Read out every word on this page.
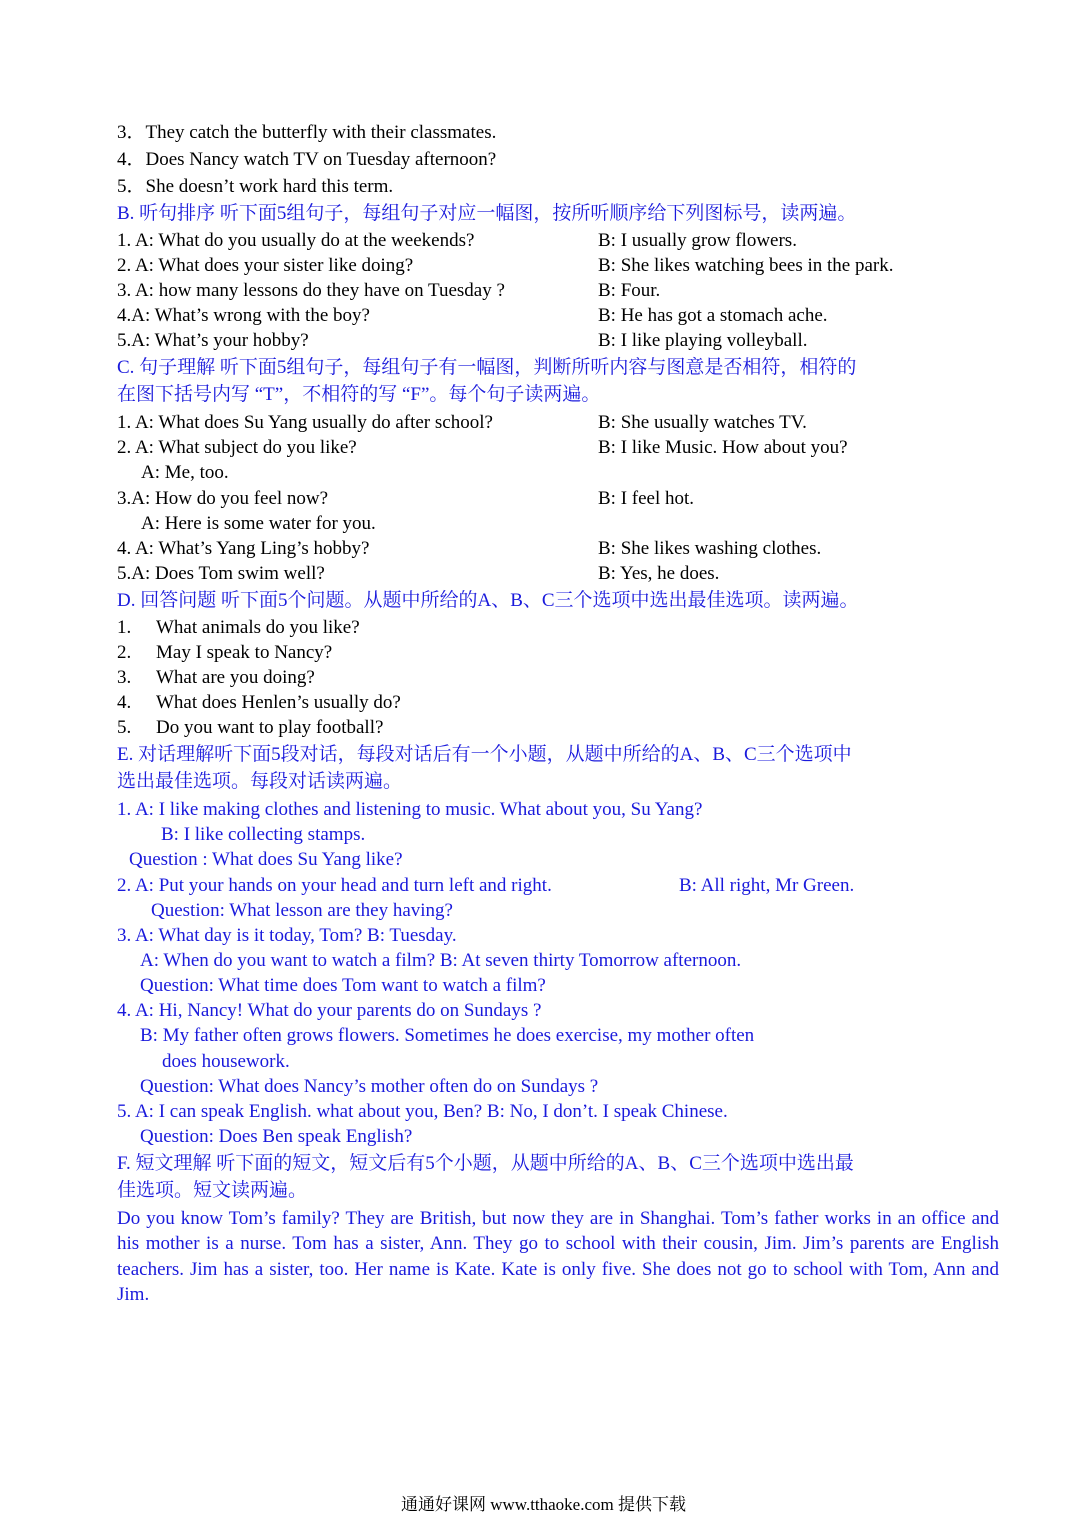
3．They catch the butterfly with their classmates.
4．Does Nancy watch TV on Tuesday afternoon?
5．She doesn’t work hard this term.
B. 听句排序 听下面5组句子，每组句子对应一幅图，按所听顺序给下列图标号，读两遍。
1. A: What do you usually do at the weekends?	B: I usually grow flowers.
2. A: What does your sister like doing?	B: She likes watching bees in the park.
3. A: how many lessons do they have on Tuesday ?	B: Four.
4.A: What’s wrong with the boy?	B: He has got a stomach ache.
5.A: What’s your hobby?	B: I like playing volleyball.
C. 句子理解 听下面5组句子，每组句子有一幅图，判断所听内容与图意是否相符，相符的
在图下括号内写 “T”，不相符的写 “F”。每个句子读两遍。
1. A: What does Su Yang usually do after school?	B: She usually watches TV.
2. A: What subject do you like?	B: I like Music. How about you?
A: Me, too.
3.A: How do you feel now?	B: I feel hot.
A: Here is some water for you.
4. A: What’s Yang Ling’s hobby?	B: She likes washing clothes.
5.A: Does Tom swim well?	B: Yes, he does.
D. 回答问题 听下面5个问题。从题中所给的A、B、C三个选项中选出最佳选项。读两遍。
1. What animals do you like?
2. May I speak to Nancy?
3. What are you doing?
4. What does Henlen’s usually do?
5. Do you want to play football?
E. 对话理解听下面5段对话，每段对话后有一个小题，从题中所给的A、B、C三个选项中
选出最佳选项。每段对话读两遍。
1. A: I like making clothes and listening to music. What about you, Su Yang?
B: I like collecting stamps.
Question : What does Su Yang like?
2. A: Put your hands on your head and turn left and right.	B: All right, Mr Green.
Question: What lesson are they having?
3. A: What day is it today, Tom? B: Tuesday.
A: When do you want to watch a film? B: At seven thirty Tomorrow afternoon.
Question: What time does Tom want to watch a film?
4. A: Hi, Nancy! What do your parents do on Sundays ?
B: My father often grows flowers. Sometimes he does exercise, my mother often
does housework.
Question: What does Nancy’s mother often do on Sundays ?
5. A: I can speak English. what about you, Ben? B: No, I don’t. I speak Chinese.
Question: Does Ben speak English?
F. 短文理解 听下面的短文，短文后有5个小题，从题中所给的A、B、C三个选项中选出最
佳选项。短文读两遍。
Do you know Tom’s family? They are British, but now they are in Shanghai. Tom’s father works in an office and his mother is a nurse. Tom has a sister, Ann. They go to school with their cousin, Jim. Jim’s parents are English teachers. Jim has a sister, too. Her name is Kate. Kate is only five. She does not go to school with Tom, Ann and Jim.
通通好课网 www.tthaoke.com 提供下载
